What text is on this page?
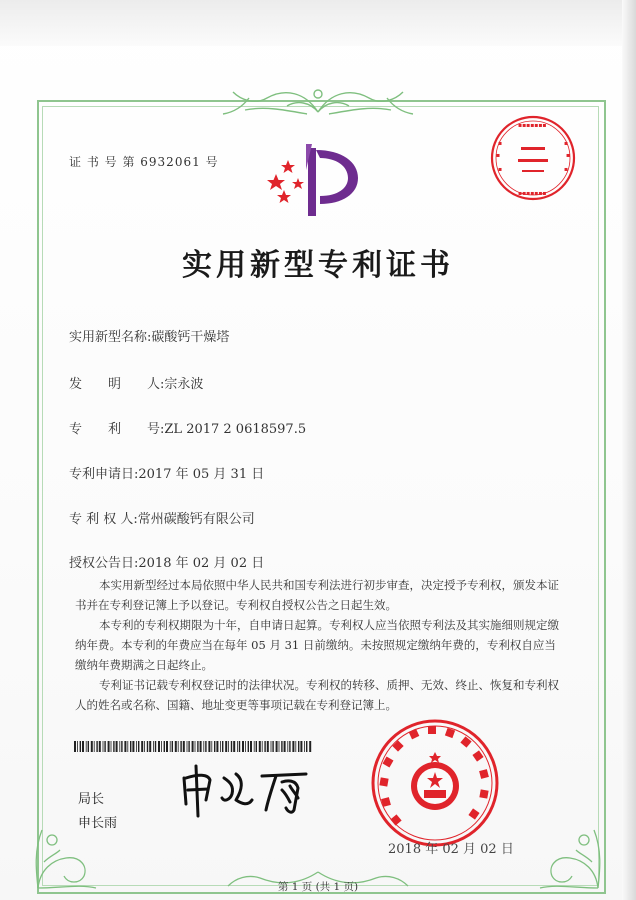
证 书 号 第 6932061 号
▪▪▪▪▪▪▪
▪
▪
▪
▪
▪
▪
▪▪▪▪▪▪▪
实用新型专利证书
实用新型名称:碳酸钙干燥塔
发　　明　　人:宗永波
专　　利　　号:ZL 2017 2 0618597.5
专利申请日:2017 年 05 月 31 日
专 利 权 人:常州碳酸钙有限公司
授权公告日:2018 年 02 月 02 日

本实用新型经过本局依照中华人民共和国专利法进行初步审查，决定授予专利权，颁发本证书并在专利登记簿上予以登记。专利权自授权公告之日起生效。

本专利的专利权期限为十年，自申请日起算。专利权人应当依照专利法及其实施细则规定缴纳年费。本专利的年费应当在每年 05 月 31 日前缴纳。未按照规定缴纳年费的，专利权自应当缴纳年费期满之日起终止。

专利证书记载专利权登记时的法律状况。专利权的转移、质押、无效、终止、恢复和专利权人的姓名或名称、国籍、地址变更等事项记载在专利登记簿上。

局长
申长雨
2018 年 02 月 02 日
第 1 页 (共 1 页)
